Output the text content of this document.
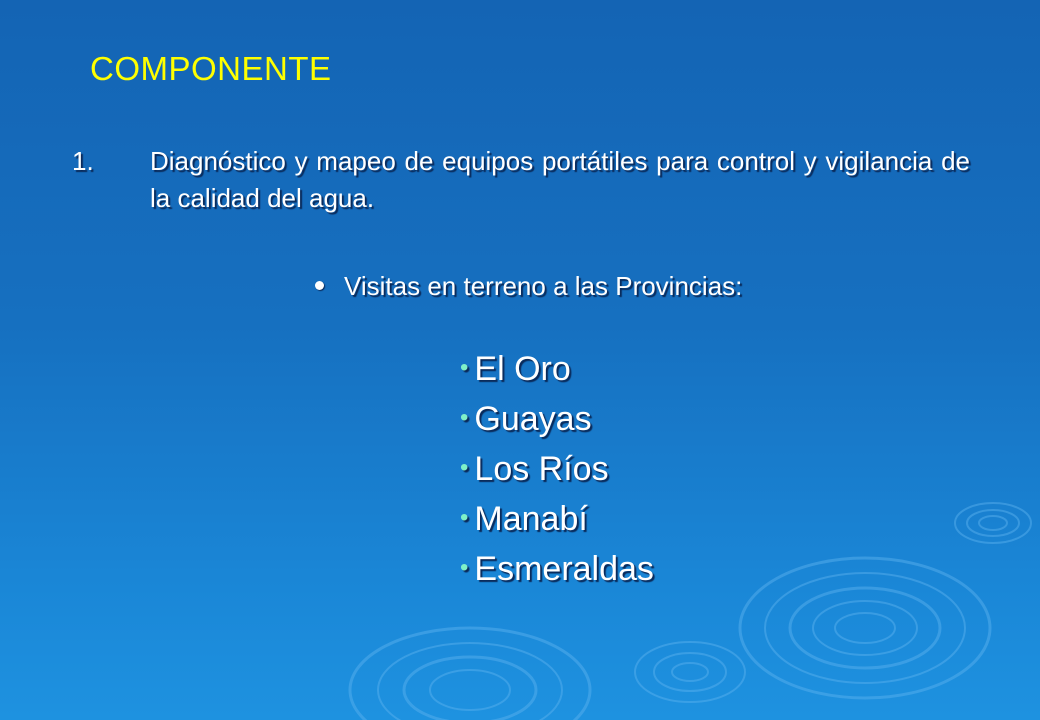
COMPONENTE
1. Diagnóstico y mapeo de equipos portátiles para control y vigilancia de la calidad del agua.
Visitas en terreno a las Provincias:
• El Oro
• Guayas
• Los Ríos
• Manabí
• Esmeraldas
